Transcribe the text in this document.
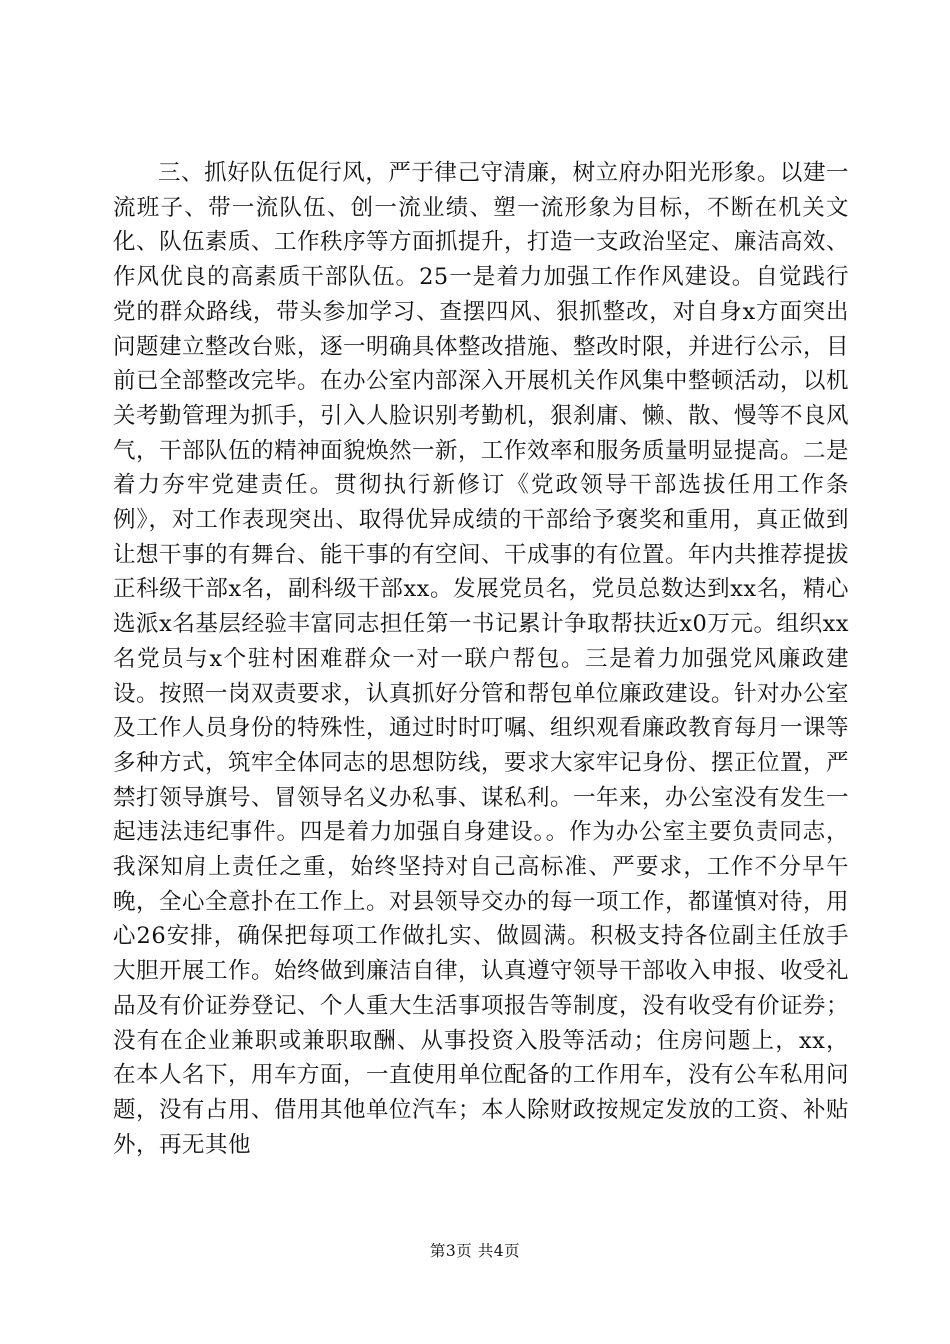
三、抓好队伍促行风，严于律己守清廉，树立府办阳光形象。以建一流班子、带一流队伍、创一流业绩、塑一流形象为目标，不断在机关文化、队伍素质、工作秩序等方面抓提升，打造一支政治坚定、廉洁高效、作风优良的高素质干部队伍。25一是着力加强工作作风建设。自觉践行党的群众路线，带头参加学习、查摆四风、狠抓整改，对自身x方面突出问题建立整改台账，逐一明确具体整改措施、整改时限，并进行公示，目前已全部整改完毕。在办公室内部深入开展机关作风集中整顿活动，以机关考勤管理为抓手，引入人脸识别考勤机，狠刹庸、懒、散、慢等不良风气，干部队伍的精神面貌焕然一新，工作效率和服务质量明显提高。二是着力夯牢党建责任。贯彻执行新修订《党政领导干部选拔任用工作条例》，对工作表现突出、取得优异成绩的干部给予褒奖和重用，真正做到让想干事的有舞台、能干事的有空间、干成事的有位置。年内共推荐提拔正科级干部x名，副科级干部xx。发展党员名，党员总数达到xx名，精心选派x名基层经验丰富同志担任第一书记累计争取帮扶近x0万元。组织xx名党员与x个驻村困难群众一对一联户帮包。三是着力加强党风廉政建设。按照一岗双责要求，认真抓好分管和帮包单位廉政建设。针对办公室及工作人员身份的特殊性，通过时时叮嘱、组织观看廉政教育每月一课等多种方式，筑牢全体同志的思想防线，要求大家牢记身份、摆正位置，严禁打领导旗号、冒领导名义办私事、谋私利。一年来，办公室没有发生一起违法违纪事件。四是着力加强自身建设。。作为办公室主要负责同志，我深知肩上责任之重，始终坚持对自己高标准、严要求，工作不分早午晚，全心全意扑在工作上。对县领导交办的每一项工作，都谨慎对待，用心26安排，确保把每项工作做扎实、做圆满。积极支持各位副主任放手大胆开展工作。始终做到廉洁自律，认真遵守领导干部收入申报、收受礼品及有价证券登记、个人重大生活事项报告等制度，没有收受有价证券；没有在企业兼职或兼职取酬、从事投资入股等活动；住房问题上，xx，在本人名下，用车方面，一直使用单位配备的工作用车，没有公车私用问题，没有占用、借用其他单位汽车；本人除财政按规定发放的工资、补贴外，再无其他

第3页 共4页
